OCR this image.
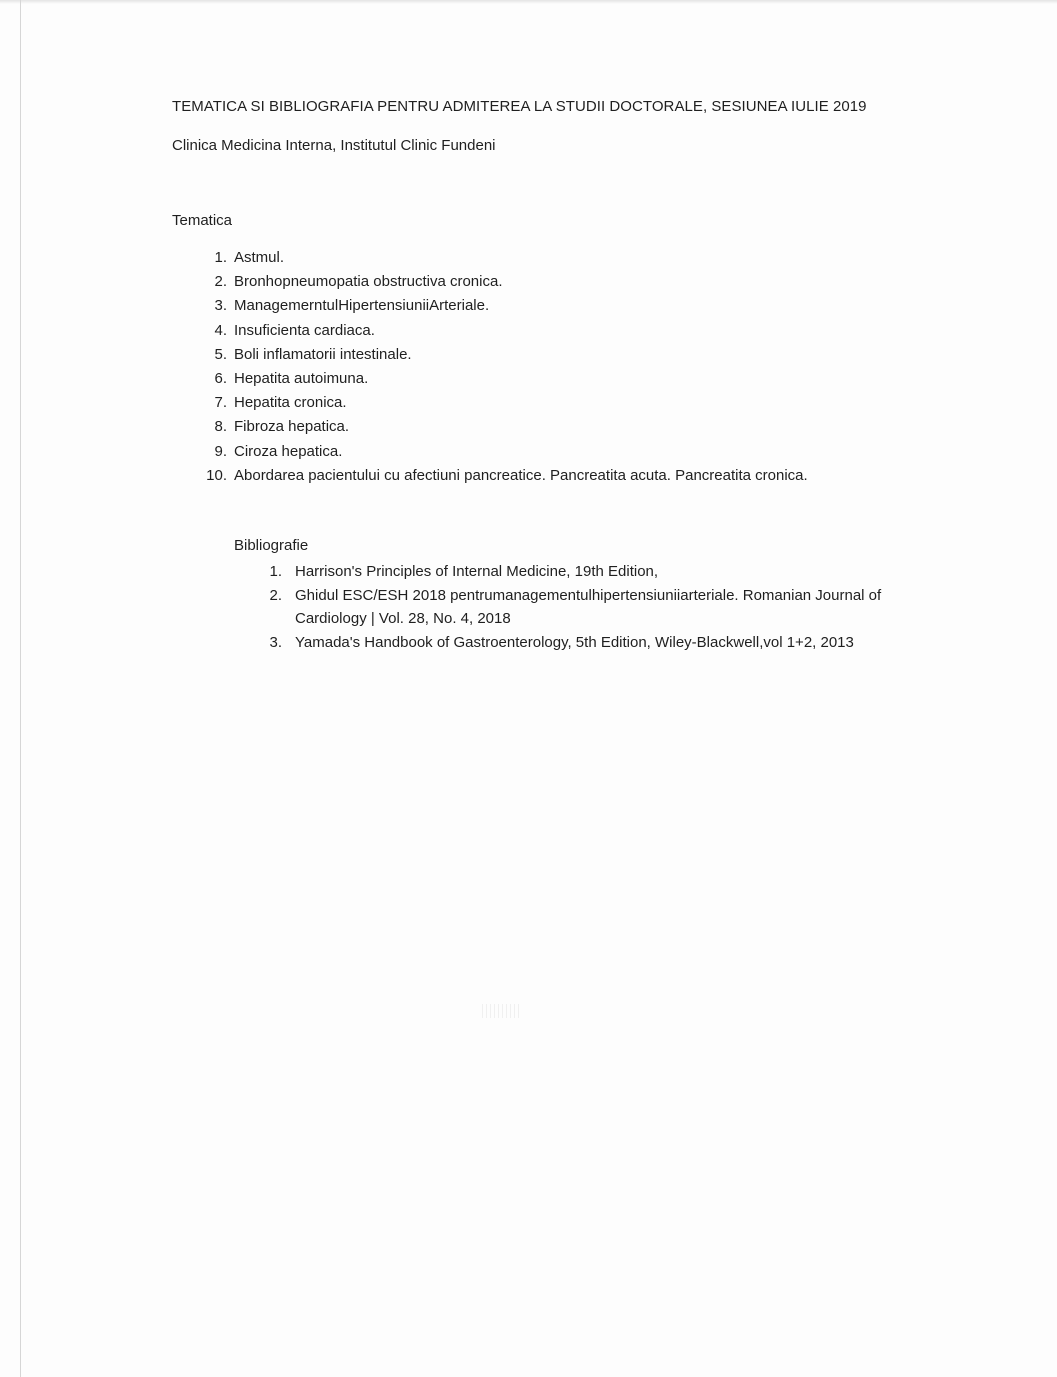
TEMATICA SI BIBLIOGRAFIA PENTRU ADMITEREA LA STUDII DOCTORALE, SESIUNEA IULIE 2019
Clinica Medicina Interna, Institutul Clinic Fundeni
Tematica
1. Astmul.
2. Bronhopneumopatia obstructiva cronica.
3. ManagemerntulHipertensiuniiArteriale.
4. Insuficienta cardiaca.
5. Boli inflamatorii intestinale.
6. Hepatita autoimuna.
7. Hepatita cronica.
8. Fibroza hepatica.
9. Ciroza hepatica.
10. Abordarea pacientului cu afectiuni pancreatice. Pancreatita acuta. Pancreatita cronica.
Bibliografie
1. Harrison's Principles of Internal Medicine, 19th Edition,
2. Ghidul ESC/ESH 2018 pentrumanagementulhipertensiuniiarteriale. Romanian Journal of Cardiology | Vol. 28, No. 4, 2018
3. Yamada's Handbook of Gastroenterology, 5th Edition, Wiley-Blackwell,vol 1+2, 2013
